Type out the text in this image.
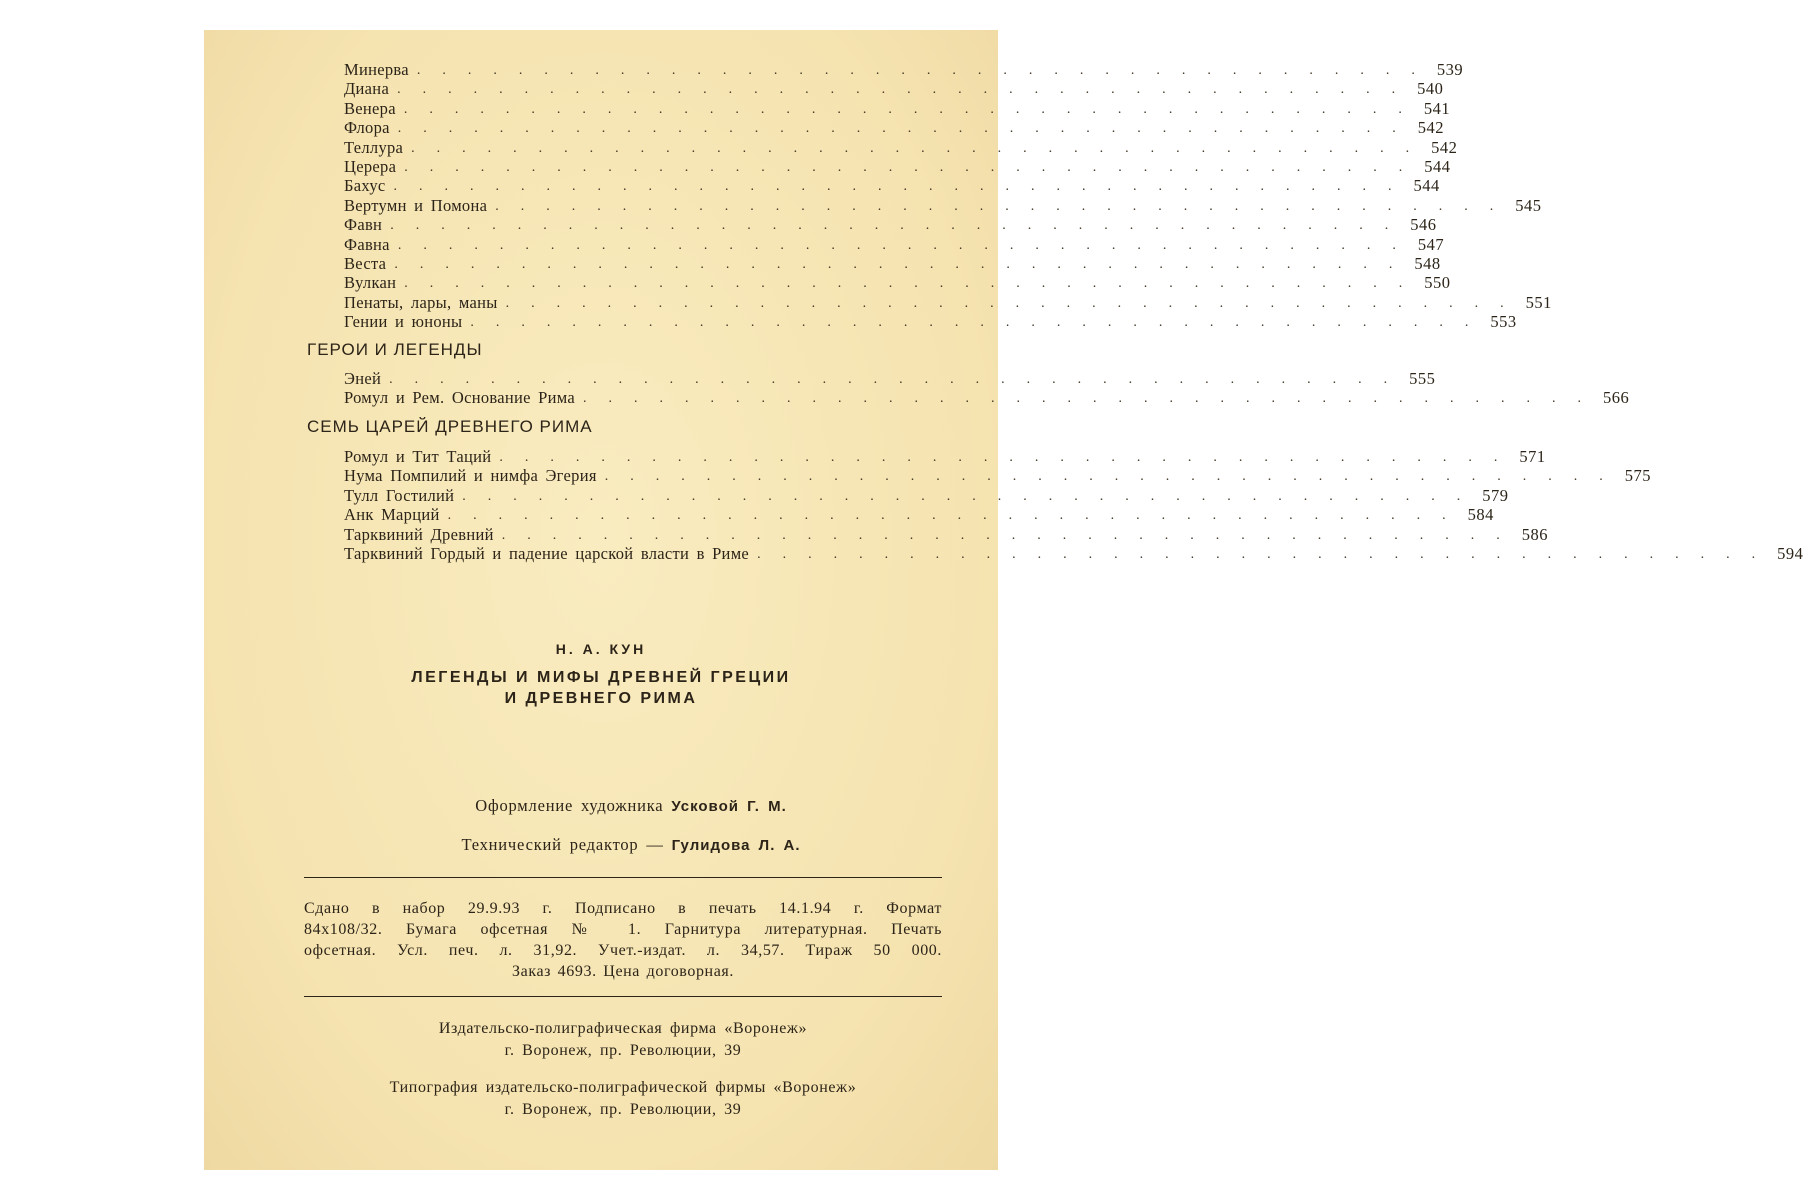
Минерва ........................................ 539
Диана ........................................ 540
Венера ........................................ 541
Флора ........................................ 542
Теллура ........................................ 542
Церера ........................................ 544
Бахус ........................................ 544
Вертумн и Помона ........................................ 545
Фавн ........................................ 546
Фавна ........................................ 547
Веста ........................................ 548
Вулкан ........................................ 550
Пенаты, лары, маны ........................................ 551
Гении и юноны ........................................ 553
ГЕРОИ И ЛЕГЕНДЫ
Эней ........................................ 555
Ромул и Рем. Основание Рима ........................................ 566
СЕМЬ ЦАРЕЙ ДРЕВНЕГО РИМА
Ромул и Тит Таций ........................................ 571
Нума Помпилий и нимфа Эгерия ........................................ 575
Тулл Гостилий ........................................ 579
Анк Марций ........................................ 584
Тарквиний Древний ........................................ 586
Тарквиний Гордый и падение царской власти в Риме ........................................ 594
Н. А. КУН
ЛЕГЕНДЫ И МИФЫ ДРЕВНЕЙ ГРЕЦИИ
И ДРЕВНЕГО РИМА
Оформление художника Усковой Г. М.
Технический редактор — Гулидова Л. А.
Сдано в набор 29.9.93 г. Подписано в печать 14.1.94 г. Формат
84х108/32. Бумага офсетная № 1. Гарнитура литературная. Печать
офсетная. Усл. печ. л. 31,92. Учет.-издат. л. 34,57. Тираж 50 000.
Заказ 4693. Цена договорная.
Издательско-полиграфическая фирма «Воронеж»
г. Воронеж, пр. Революции, 39
Типография издательско-полиграфической фирмы «Воронеж»
г. Воронеж, пр. Революции, 39
